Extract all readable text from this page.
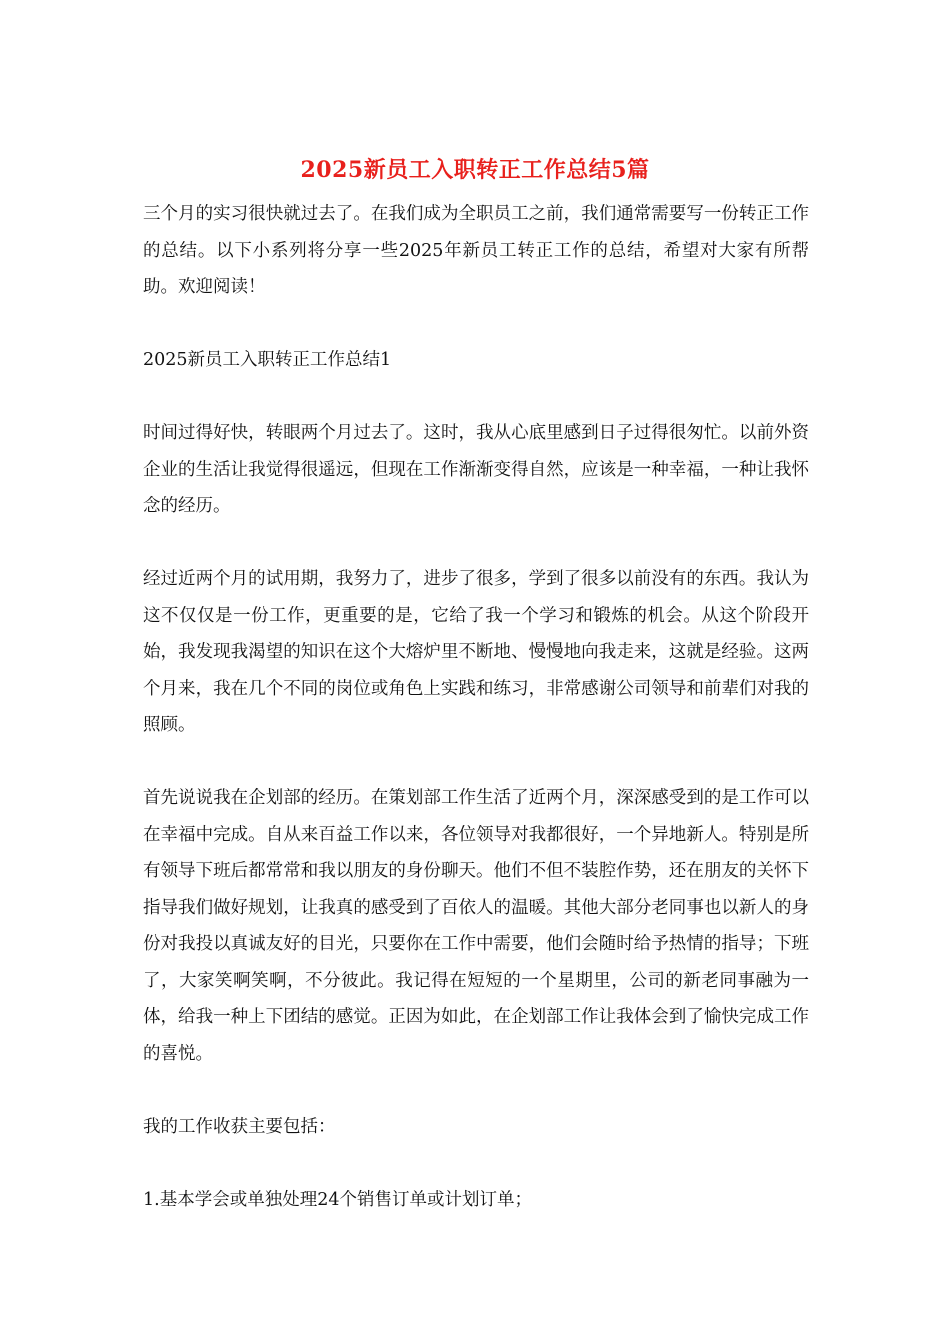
2025新员工入职转正工作总结5篇

三个月的实习很快就过去了。在我们成为全职员工之前，我们通常需要写一份转正工作的总结。以下小系列将分享一些2025年新员工转正工作的总结，希望对大家有所帮助。欢迎阅读！

2025新员工入职转正工作总结1

时间过得好快，转眼两个月过去了。这时，我从心底里感到日子过得很匆忙。以前外资企业的生活让我觉得很遥远，但现在工作渐渐变得自然，应该是一种幸福，一种让我怀念的经历。

经过近两个月的试用期，我努力了，进步了很多，学到了很多以前没有的东西。我认为这不仅仅是一份工作，更重要的是，它给了我一个学习和锻炼的机会。从这个阶段开始，我发现我渴望的知识在这个大熔炉里不断地、慢慢地向我走来，这就是经验。这两个月来，我在几个不同的岗位或角色上实践和练习，非常感谢公司领导和前辈们对我的照顾。

首先说说我在企划部的经历。在策划部工作生活了近两个月，深深感受到的是工作可以在幸福中完成。自从来百益工作以来，各位领导对我都很好，一个异地新人。特别是所有领导下班后都常常和我以朋友的身份聊天。他们不但不装腔作势，还在朋友的关怀下指导我们做好规划，让我真的感受到了百依人的温暖。其他大部分老同事也以新人的身份对我投以真诚友好的目光，只要你在工作中需要，他们会随时给予热情的指导；下班了，大家笑啊笑啊，不分彼此。我记得在短短的一个星期里，公司的新老同事融为一体，给我一种上下团结的感觉。正因为如此，在企划部工作让我体会到了愉快完成工作的喜悦。

我的工作收获主要包括：

1.基本学会或单独处理24个销售订单或计划订单；
